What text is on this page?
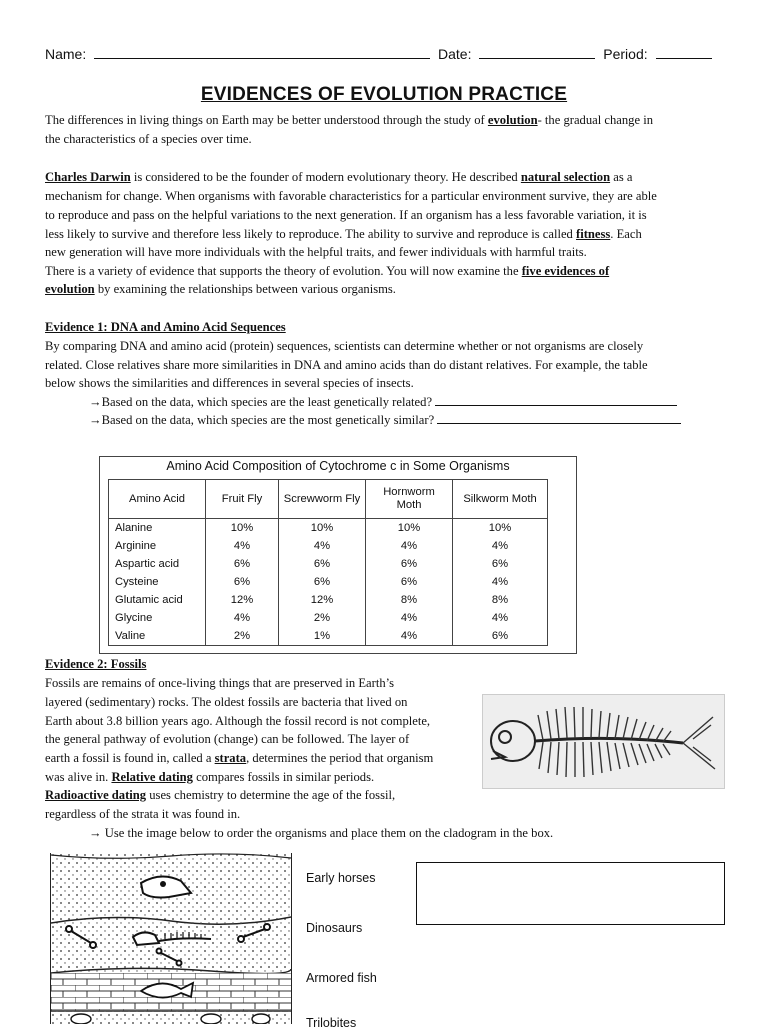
Name:	Date:	Period:
EVIDENCES OF EVOLUTION PRACTICE
The differences in living things on Earth may be better understood through the study of evolution- the gradual change in
the characteristics of a species over time.
Charles Darwin is considered to be the founder of modern evolutionary theory. He described natural selection as a
mechanism for change. When organisms with favorable characteristics for a particular environment survive, they are able
to reproduce and pass on the helpful variations to the next generation. If an organism has a less favorable variation, it is
less likely to survive and therefore less likely to reproduce. The ability to survive and reproduce is called fitness. Each
new generation will have more individuals with the helpful traits, and fewer individuals with harmful traits.
There is a variety of evidence that supports the theory of evolution. You will now examine the five evidences of
evolution by examining the relationships between various organisms.
Evidence 1: DNA and Amino Acid Sequences
By comparing DNA and amino acid (protein) sequences, scientists can determine whether or not organisms are closely
related. Close relatives share more similarities in DNA and amino acids than do distant relatives. For example, the table
below shows the similarities and differences in several species of insects.
→Based on the data, which species are the least genetically related?
→Based on the data, which species are the most genetically similar?
Amino Acid Composition of Cytochrome c in Some Organisms
Amino Acid	Fruit Fly	Screwworm Fly	Hornworm Moth	Silkworm Moth
Alanine	10%	10%	10%	10%
Arginine	4%	4%	4%	4%
Aspartic acid	6%	6%	6%	6%
Cysteine	6%	6%	6%	4%
Glutamic acid	12%	12%	8%	8%
Glycine	4%	2%	4%	4%
Valine	2%	1%	4%	6%
Evidence 2: Fossils
Fossils are remains of once-living things that are preserved in Earth’s
layered (sedimentary) rocks. The oldest fossils are bacteria that lived on
Earth about 3.8 billion years ago. Although the fossil record is not complete,
the general pathway of evolution (change) can be followed. The layer of
earth a fossil is found in, called a strata, determines the period that organism
was alive in. Relative dating compares fossils in similar periods.
Radioactive dating uses chemistry to determine the age of the fossil,
regardless of the strata it was found in.
→ Use the image below to order the organisms and place them on the cladogram in the box.
Early horses
Dinosaurs
Armored fish
Trilobites
